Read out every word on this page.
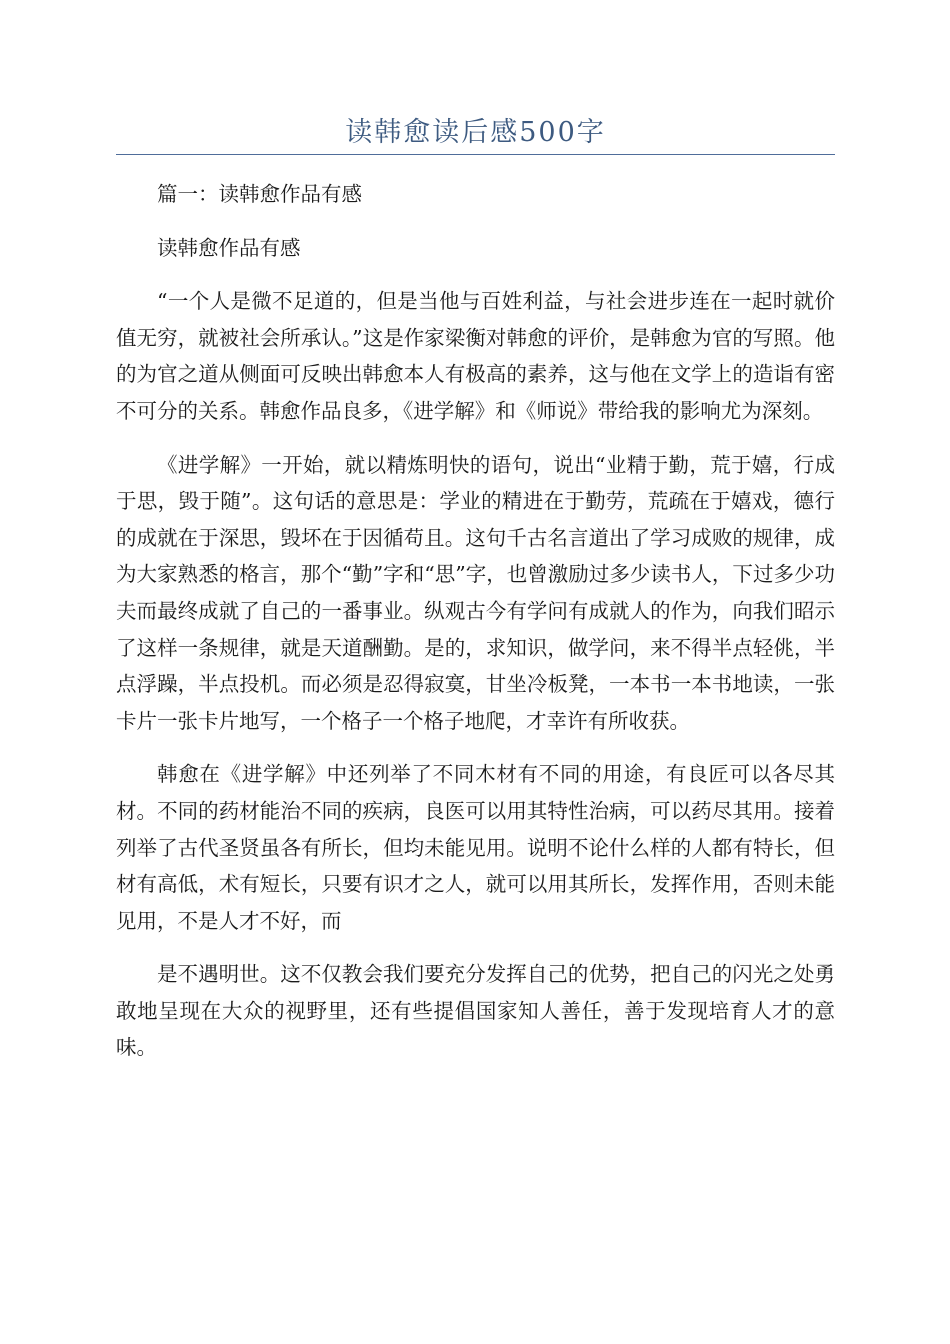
读韩愈读后感500字

篇一：读韩愈作品有感

读韩愈作品有感

“一个人是微不足道的，但是当他与百姓利益，与社会进步连在一起时就价值无穷，就被社会所承认。”这是作家梁衡对韩愈的评价，是韩愈为官的写照。他的为官之道从侧面可反映出韩愈本人有极高的素养，这与他在文学上的造诣有密不可分的关系。韩愈作品良多，《进学解》和《师说》带给我的影响尤为深刻。

《进学解》一开始，就以精炼明快的语句，说出“业精于勤，荒于嬉，行成于思，毁于随”。这句话的意思是：学业的精进在于勤劳，荒疏在于嬉戏，德行的成就在于深思，毁坏在于因循苟且。这句千古名言道出了学习成败的规律，成为大家熟悉的格言，那个“勤”字和“思”字，也曾激励过多少读书人，下过多少功夫而最终成就了自己的一番事业。纵观古今有学问有成就人的作为，向我们昭示了这样一条规律，就是天道酬勤。是的，求知识，做学问，来不得半点轻佻，半点浮躁，半点投机。而必须是忍得寂寞，甘坐冷板凳，一本书一本书地读，一张卡片一张卡片地写，一个格子一个格子地爬，才幸许有所收获。

韩愈在《进学解》中还列举了不同木材有不同的用途，有良匠可以各尽其材。不同的药材能治不同的疾病，良医可以用其特性治病，可以药尽其用。接着列举了古代圣贤虽各有所长，但均未能见用。说明不论什么样的人都有特长，但材有高低，术有短长，只要有识才之人，就可以用其所长，发挥作用，否则未能见用，不是人才不好，而

是不遇明世。这不仅教会我们要充分发挥自己的优势，把自己的闪光之处勇敢地呈现在大众的视野里，还有些提倡国家知人善任，善于发现培育人才的意味。
